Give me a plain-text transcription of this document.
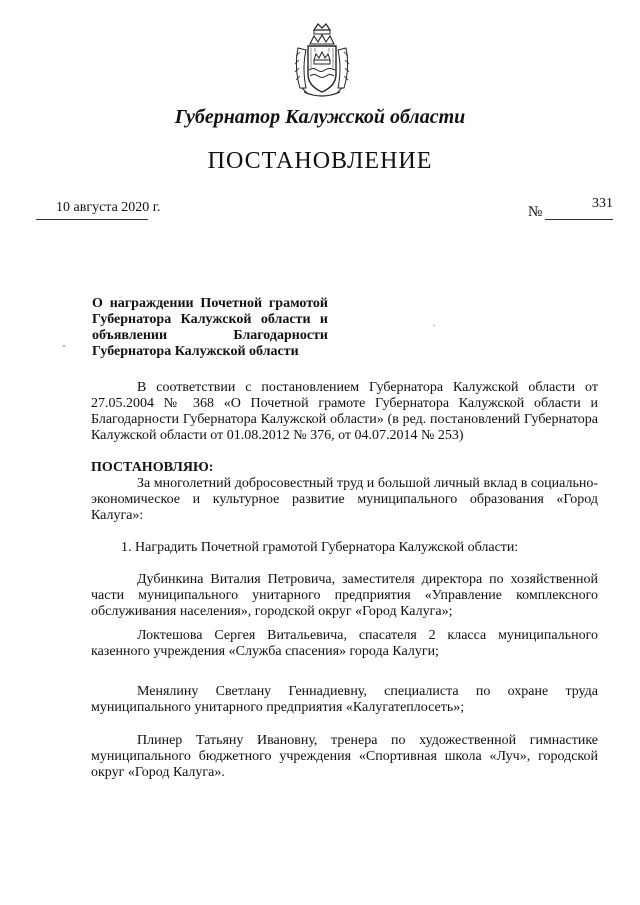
Губернатор Калужской области
ПОСТАНОВЛЕНИЕ
10 августа 2020 г.	№
331
О награждении Почетной грамотой Губернатора Калужской области и объявлении Благодарности Губернатора Калужской области
-
·
В соответствии с постановлением Губернатора Калужской области от 27.05.2004 № 368 «О Почетной грамоте Губернатора Калужской области и Благодарности Губернатора Калужской области» (в ред. постановлений Губернатора Калужской области от 01.08.2012 № 376, от 04.07.2014 № 253)
ПОСТАНОВЛЯЮ:
За многолетний добросовестный труд и большой личный вклад в социально-экономическое и культурное развитие муниципального образования «Город Калуга»:
1. Наградить Почетной грамотой Губернатора Калужской области:
Дубинкина Виталия Петровича, заместителя директора по хозяйственной части муниципального унитарного предприятия «Управление комплексного обслуживания населения», городской округ «Город Калуга»;
Локтешова Сергея Витальевича, спасателя 2 класса муниципального казенного учреждения «Служба спасения» города Калуги;
Менялину Светлану Геннадиевну, специалиста по охране труда муниципального унитарного предприятия «Калугатеплосеть»;
Плинер Татьяну Ивановну, тренера по художественной гимнастике муниципального бюджетного учреждения «Спортивная школа «Луч», городской округ «Город Калуга».
